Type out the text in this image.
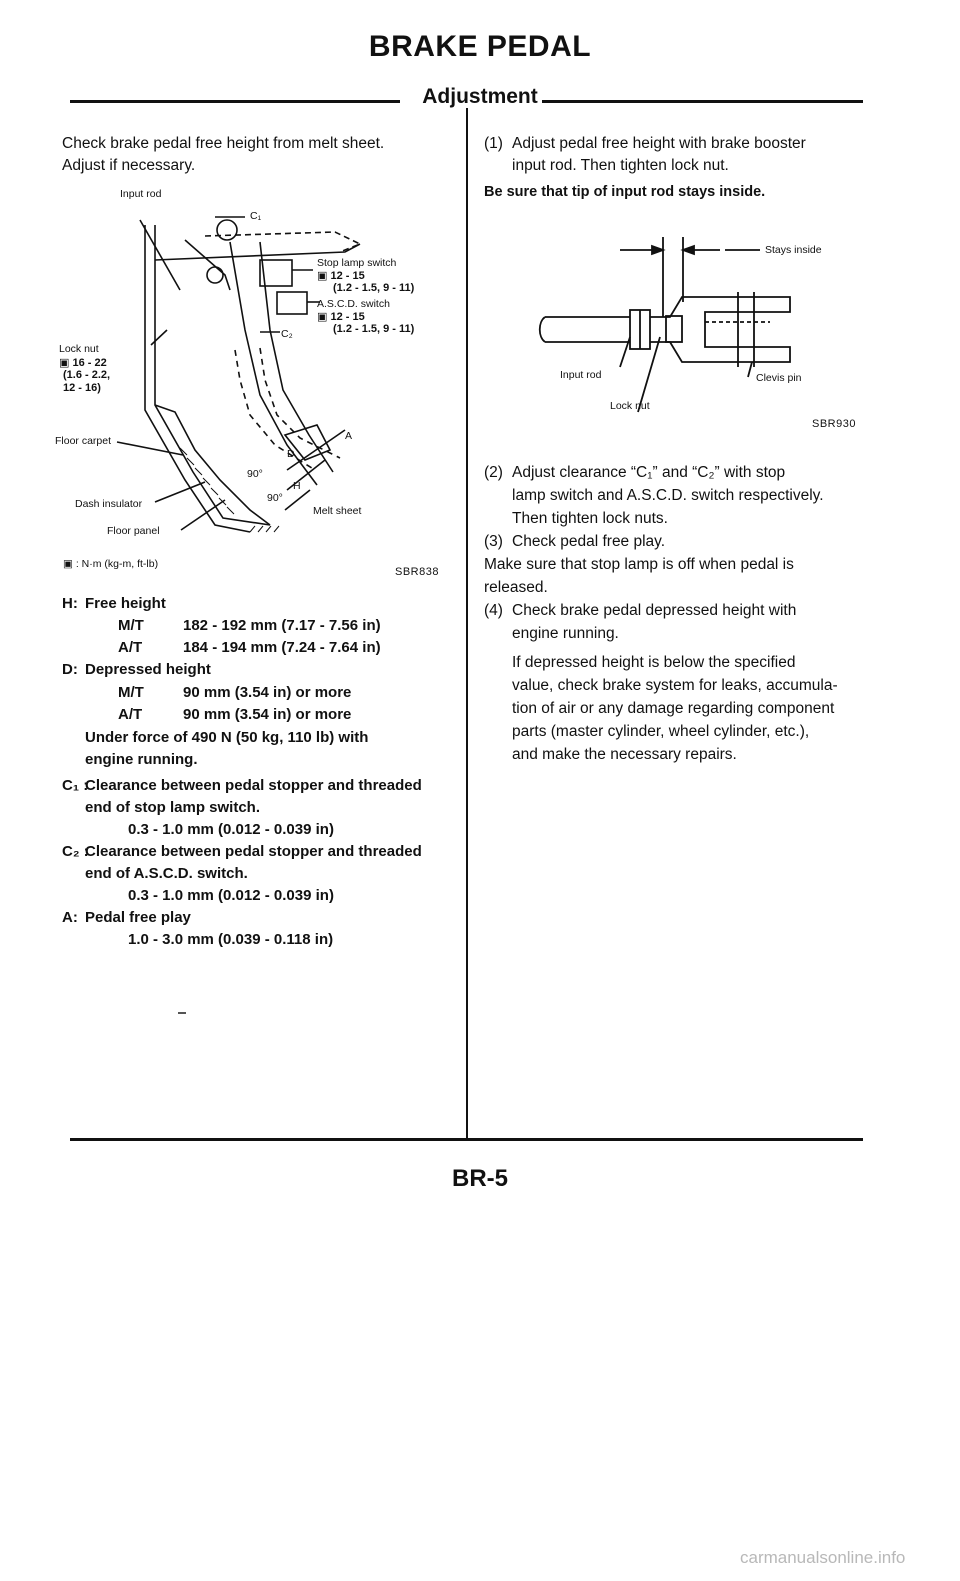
BRAKE PEDAL
Adjustment
Check brake pedal free height from melt sheet.
Adjust if necessary.
Input rod
C₁
Stop lamp switch
▣ 12 - 15
(1.2 - 1.5, 9 - 11)
A.S.C.D. switch
▣ 12 - 15
(1.2 - 1.5, 9 - 11)
C₂
Lock nut
▣ 16 - 22
(1.6 - 2.2,
12 - 16)
Floor carpet	A
D
90°
H
90°
Dash insulator
Melt sheet
Floor panel
▣ : N·m (kg-m, ft-lb)
SBR838
H: Free height
M/T	182 - 192 mm (7.17 - 7.56 in)
A/T	184 - 194 mm (7.24 - 7.64 in)
D: Depressed height
M/T	90 mm (3.54 in) or more
A/T	90 mm (3.54 in) or more
Under force of 490 N (50 kg, 110 lb) with
engine running.
C₁ :
Clearance between pedal stopper and threaded
end of stop lamp switch.
0.3 - 1.0 mm (0.012 - 0.039 in)
C₂ :
Clearance between pedal stopper and threaded
end of A.S.C.D. switch.
0.3 - 1.0 mm (0.012 - 0.039 in)
A: Pedal free play
1.0 - 3.0 mm (0.039 - 0.118 in)
(1) Adjust pedal free height with brake booster
input rod. Then tighten lock nut.
Be sure that tip of input rod stays inside.
Stays inside
Input rod	Clevis pin
Lock nut
SBR930
(2) Adjust clearance “C₁” and “C₂” with stop
lamp switch and A.S.C.D. switch respectively.
Then tighten lock nuts.
(3) Check pedal free play.
Make sure that stop lamp is off when pedal is
released.
(4) Check brake pedal depressed height with
engine running.
If depressed height is below the specified
value, check brake system for leaks, accumula-
tion of air or any damage regarding component
parts (master cylinder, wheel cylinder, etc.),
and make the necessary repairs.
BR-5
carmanualsonline.info
